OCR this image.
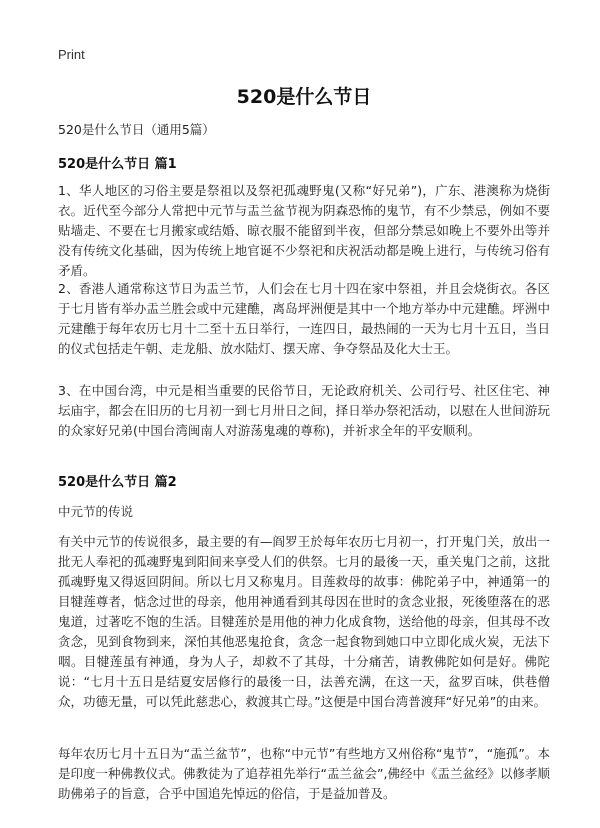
Print
520是什么节日
520是什么节日（通用5篇）
520是什么节日 篇1

1、华人地区的习俗主要是祭祖以及祭祀孤魂野鬼(又称“好兄弟”)，广东、港澳称为烧街衣。近代至今部分人常把中元节与盂兰盆节视为阴森恐怖的鬼节，有不少禁忌，例如不要贴墙走、不要在七月搬家或结婚、晾衣服不能留到半夜，但部分禁忌如晚上不要外出等并没有传统文化基础，因为传统上地官诞不少祭祀和庆祝活动都是晚上进行，与传统习俗有矛盾。

2、香港人通常称这节日为盂兰节，人们会在七月十四在家中祭祖，并且会烧街衣。各区于七月皆有举办盂兰胜会或中元建醮，离岛坪洲便是其中一个地方举办中元建醮。坪洲中元建醮于每年农历七月十二至十五日举行，一连四日，最热闹的一天为七月十五日，当日的仪式包括走午朝、走龙船、放水陆灯、摆天席、争夺祭品及化大士王。

3、在中国台湾，中元是相当重要的民俗节日，无论政府机关、公司行号、社区住宅、神坛庙宇，都会在旧历的七月初一到七月卅日之间，择日举办祭祀活动，以慰在人世间游玩的众家好兄弟(中国台湾闽南人对游荡鬼魂的尊称)，并祈求全年的平安顺利。

520是什么节日 篇2
中元节的传说

有关中元节的传说很多，最主要的有—阎罗王於每年农历七月初一，打开鬼门关，放出一批无人奉祀的孤魂野鬼到阳间来享受人们的供祭。七月的最後一天，重关鬼门之前，这批孤魂野鬼又得返回阴间。所以七月又称鬼月。目莲救母的故事：佛陀弟子中，神通第一的目犍莲尊者，惦念过世的母亲，他用神通看到其母因在世时的贪念业报，死後堕落在的恶鬼道，过著吃不饱的生活。目犍莲於是用他的神力化成食物，送给他的母亲，但其母不改贪念，见到食物到来，深怕其他恶鬼抢食，贪念一起食物到她口中立即化成火炭，无法下咽。目犍莲虽有神通，身为人子，却救不了其母，十分痛苦，请教佛陀如何是好。佛陀说：“七月十五日是结夏安居修行的最後一日，法善充满，在这一天，盆罗百味，供巷僧众，功德无量，可以凭此慈悲心，救渡其亡母。”这便是中国台湾普渡拜“好兄弟”的由来。

每年农历七月十五日为“盂兰盆节”，也称“中元节”有些地方又州俗称“鬼节”，“施孤”。本是印度一种佛教仪式。佛教徒为了追荐祖先举行“盂兰盆会”,佛经中《盂兰盆经》以修孝顺助佛弟子的旨意，合乎中国追先悼远的俗信，于是益加普及。
